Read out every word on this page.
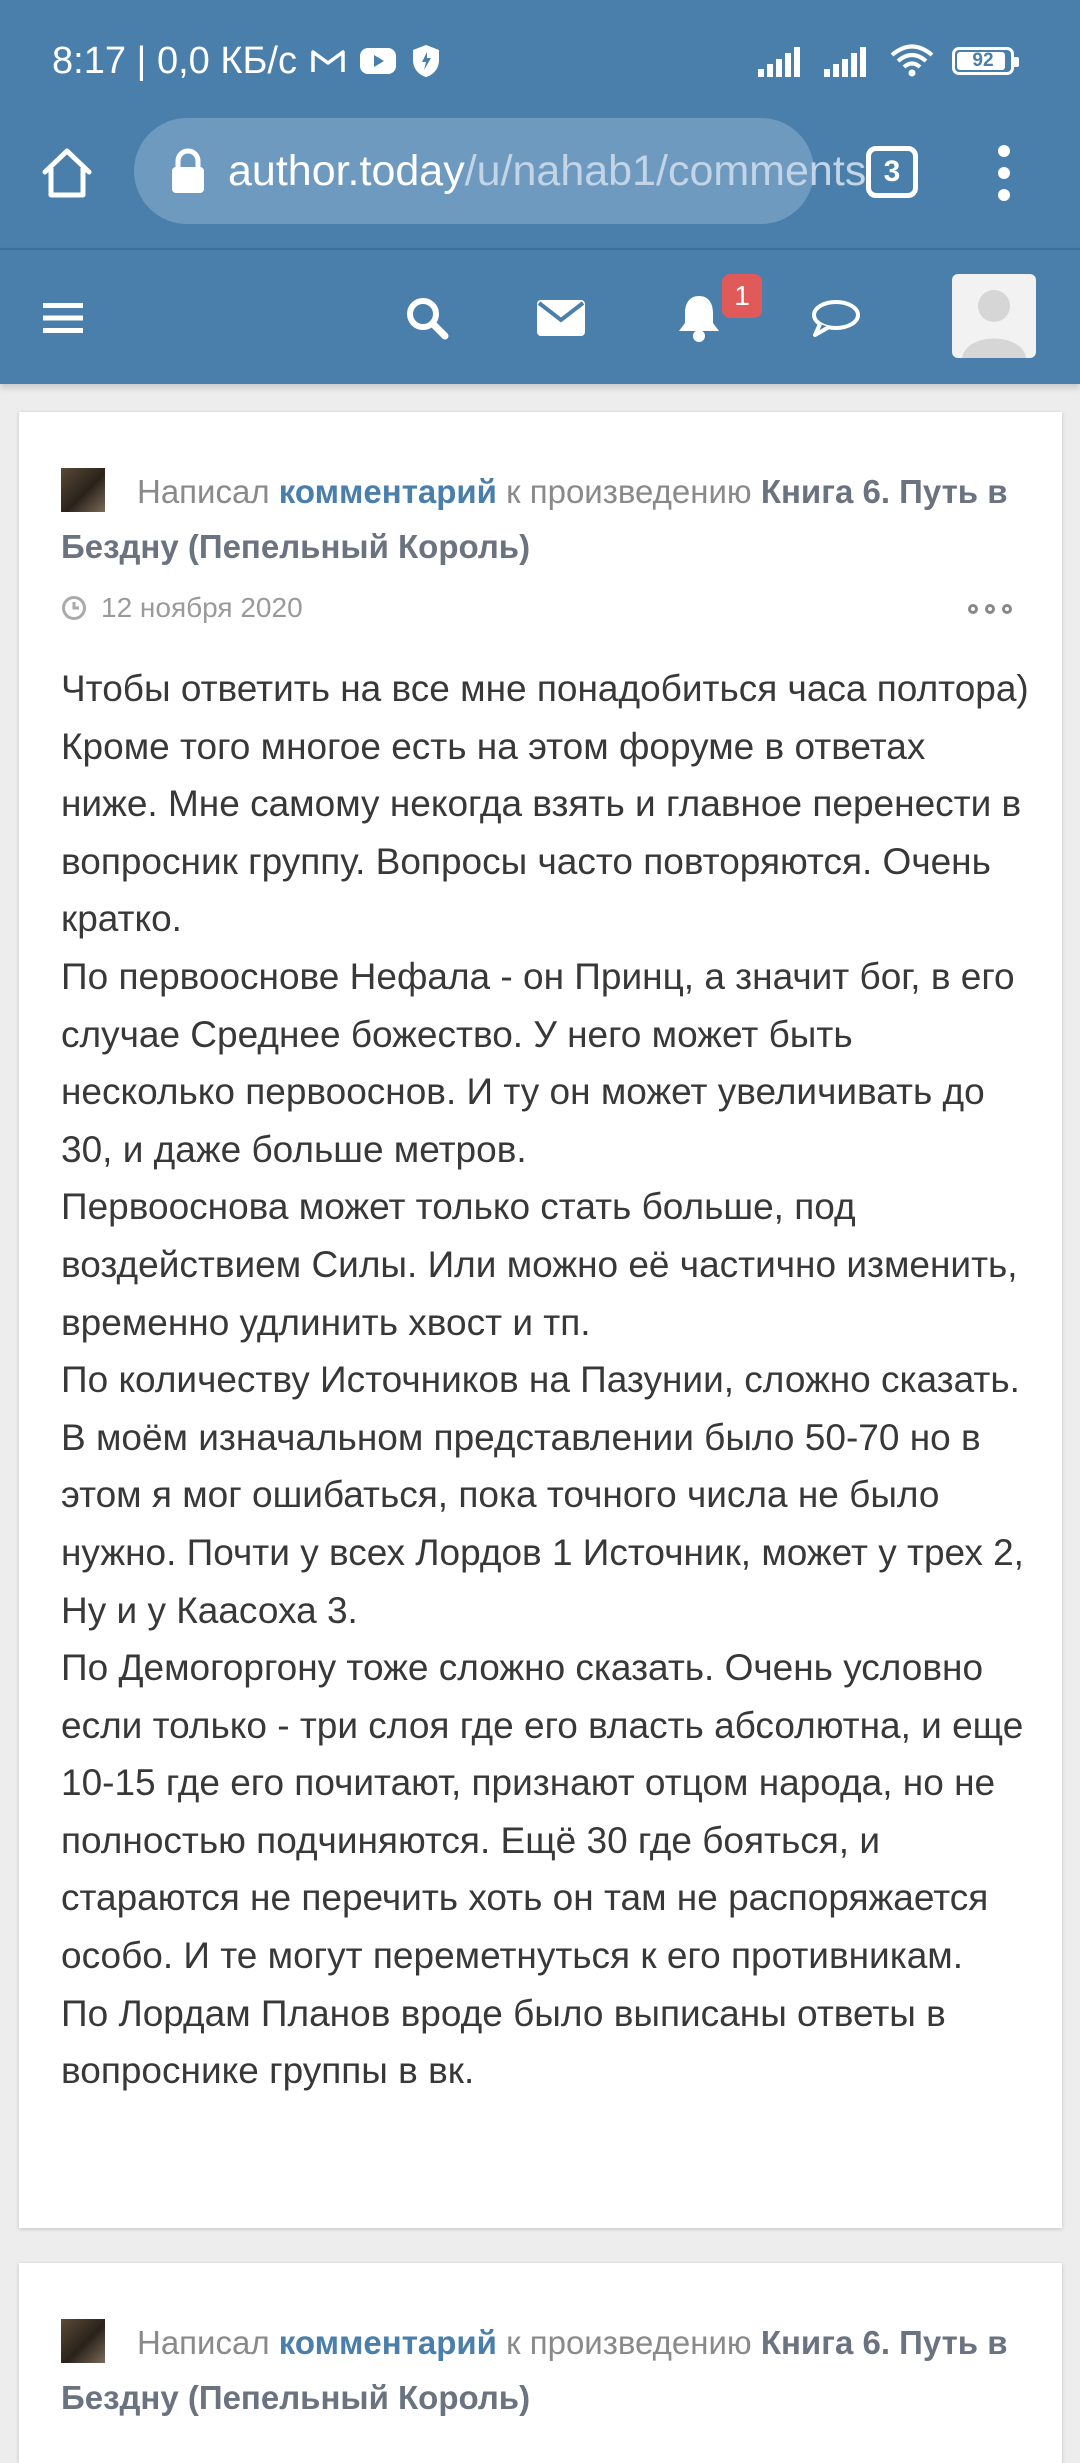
8:17 | 0,0 КБ/с	92
author.today/u/nahab1/comments 3
1
Написал комментарий к произведению Книга 6. Путь в Бездну (Пепельный Король)
12 ноября 2020

Чтобы ответить на все мне понадобиться часа полтора) Кроме того многое есть на этом форуме в ответах ниже. Мне самому некогда взять и главное перенести в вопросник группу. Вопросы часто повторяются. Очень кратко.

По первооснове Нефала - он Принц, а значит бог, в его случае Среднее божество. У него может быть несколько первооснов. И ту он может увеличивать до 30, и даже больше метров.

Первооснова может только стать больше, под воздействием Силы. Или можно её частично изменить, временно удлинить хвост и тп.

По количеству Источников на Пазунии, сложно сказать. В моём изначальном представлении было 50-70 но в этом я мог ошибаться, пока точного числа не было нужно. Почти у всех Лордов 1 Источник, может у трех 2, Ну и у Каасоха 3.

По Демогоргону тоже сложно сказать. Очень условно если только - три слоя где его власть абсолютна, и еще 10-15 где его почитают, признают отцом народа, но не полностью подчиняются. Ещё 30 где бояться, и стараются не перечить хоть он там не распоряжается особо. И те могут переметнуться к его противникам.

По Лордам Планов вроде было выписаны ответы в вопроснике группы в вк.

Написал комментарий к произведению Книга 6. Путь в Бездну (Пепельный Король)
